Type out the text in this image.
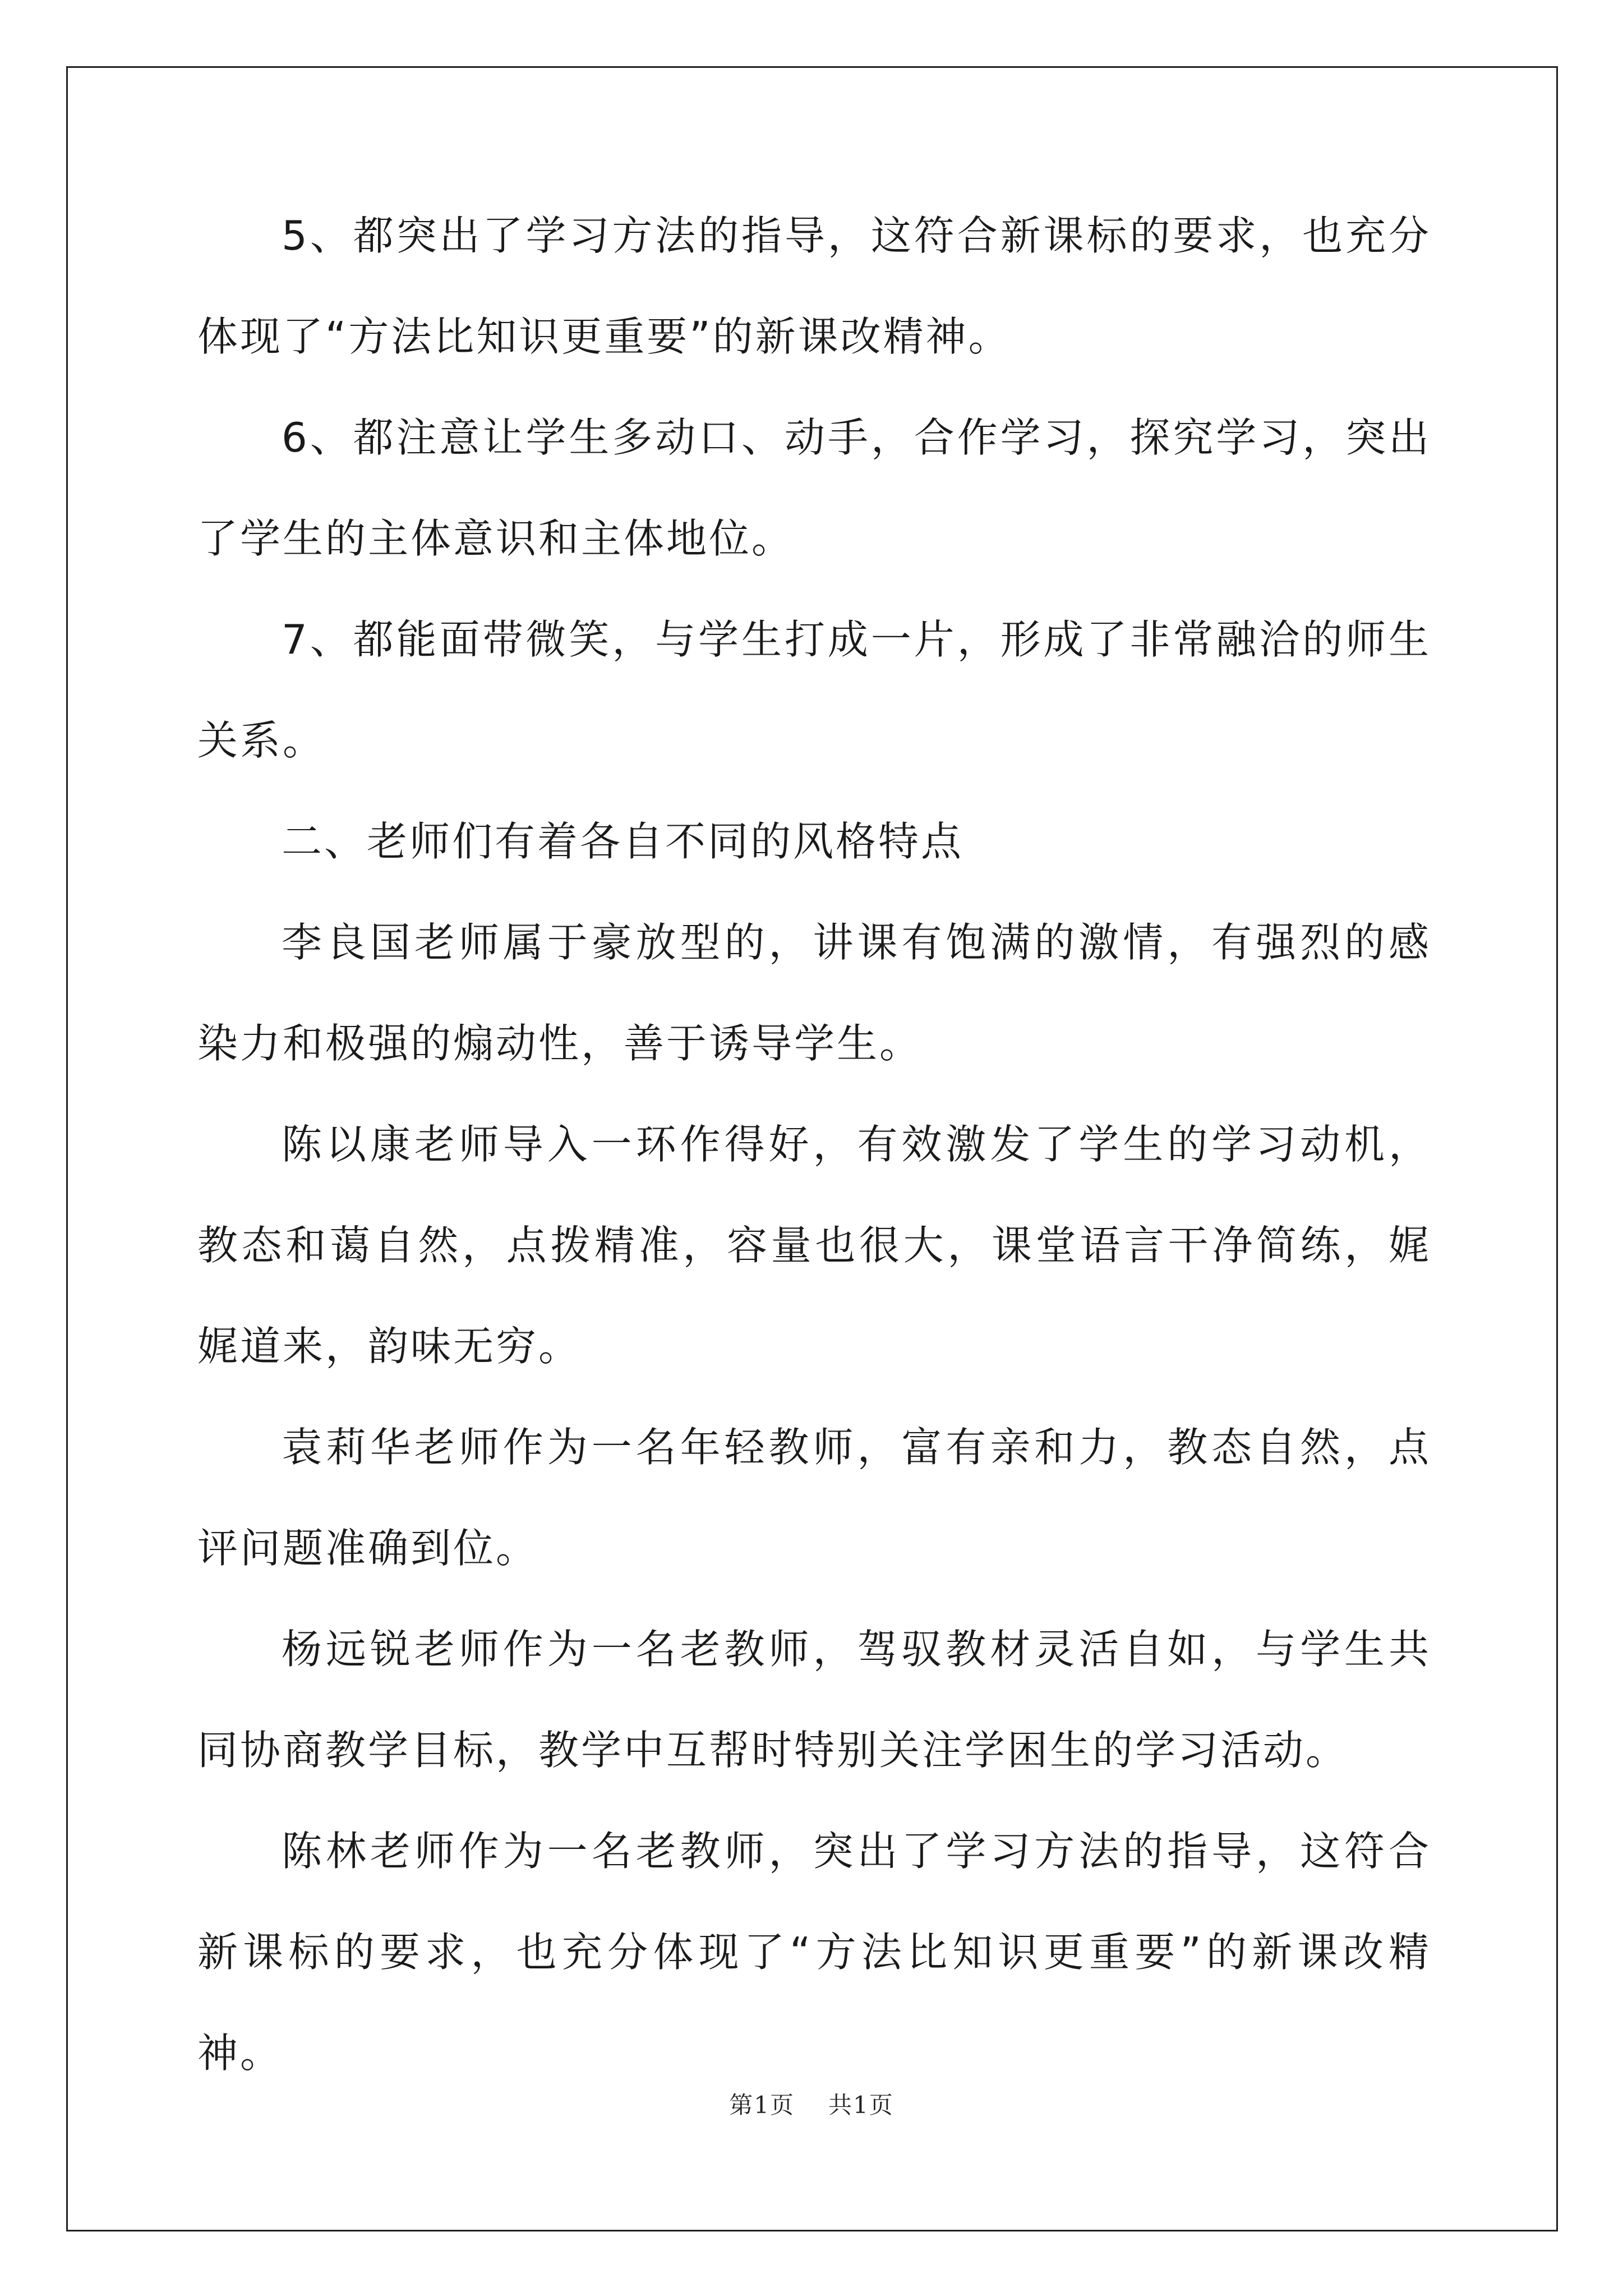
5、都突出了学习方法的指导，这符合新课标的要求，也充分体现了“方法比知识更重要”的新课改精神。

6、都注意让学生多动口、动手，合作学习，探究学习，突出了学生的主体意识和主体地位。

7、都能面带微笑，与学生打成一片，形成了非常融洽的师生关系。

二、老师们有着各自不同的风格特点

李良国老师属于豪放型的，讲课有饱满的激情，有强烈的感染力和极强的煽动性，善于诱导学生。

陈以康老师导入一环作得好，有效激发了学生的学习动机，教态和蔼自然，点拨精准，容量也很大，课堂语言干净简练，娓娓道来，韵味无穷。

袁莉华老师作为一名年轻教师，富有亲和力，教态自然，点评问题准确到位。

杨远锐老师作为一名老教师，驾驭教材灵活自如，与学生共同协商教学目标，教学中互帮时特别关注学困生的学习活动。

陈林老师作为一名老教师，突出了学习方法的指导，这符合新课标的要求，也充分体现了“方法比知识更重要”的新课改精神。

第1页 共1页
